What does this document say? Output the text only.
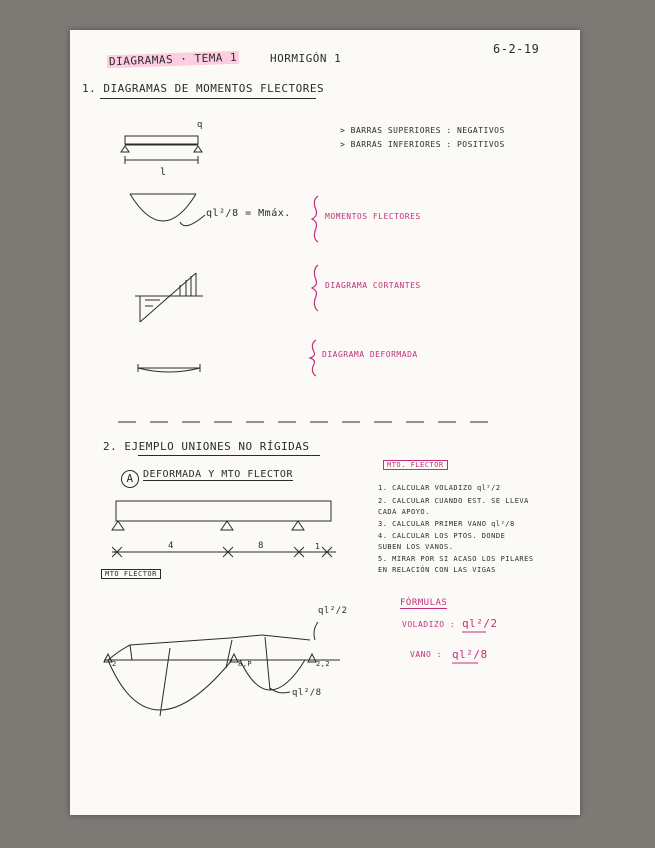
DIAGRAMAS · TEMA 1	HORMIGÓN 1
6-2-19
1. DIAGRAMAS DE MOMENTOS FLECTORES
> BARRAS SUPERIORES : NEGATIVOS
> BARRAS INFERIORES : POSITIVOS
q
l
ql²/8 = Mmáx.	MOMENTOS FLECTORES
DIAGRAMA CORTANTES
DIAGRAMA DEFORMADA
2. EJEMPLO UNIONES NO RÍGIDAS
A DEFORMADA Y MTO FLECTOR
4	8	1
MTO FLECTOR
MTO. FLECTOR
1. CALCULAR VOLADIZO ql²/2
2. CALCULAR CUANDO EST. SE LLEVA
CADA APOYO.
3. CALCULAR PRIMER VANO ql²/8
4. CALCULAR LOS PTOS. DONDE
SUBEN LOS VANOS.
5. MIRAR POR SI ACASO LOS PILARES
EN RELACIÓN CON LAS VIGAS
FÓRMULAS
VOLADIZO : ql²/2
VANO : ql²/8
2	8,P	2,2
ql²/2
ql²/8
